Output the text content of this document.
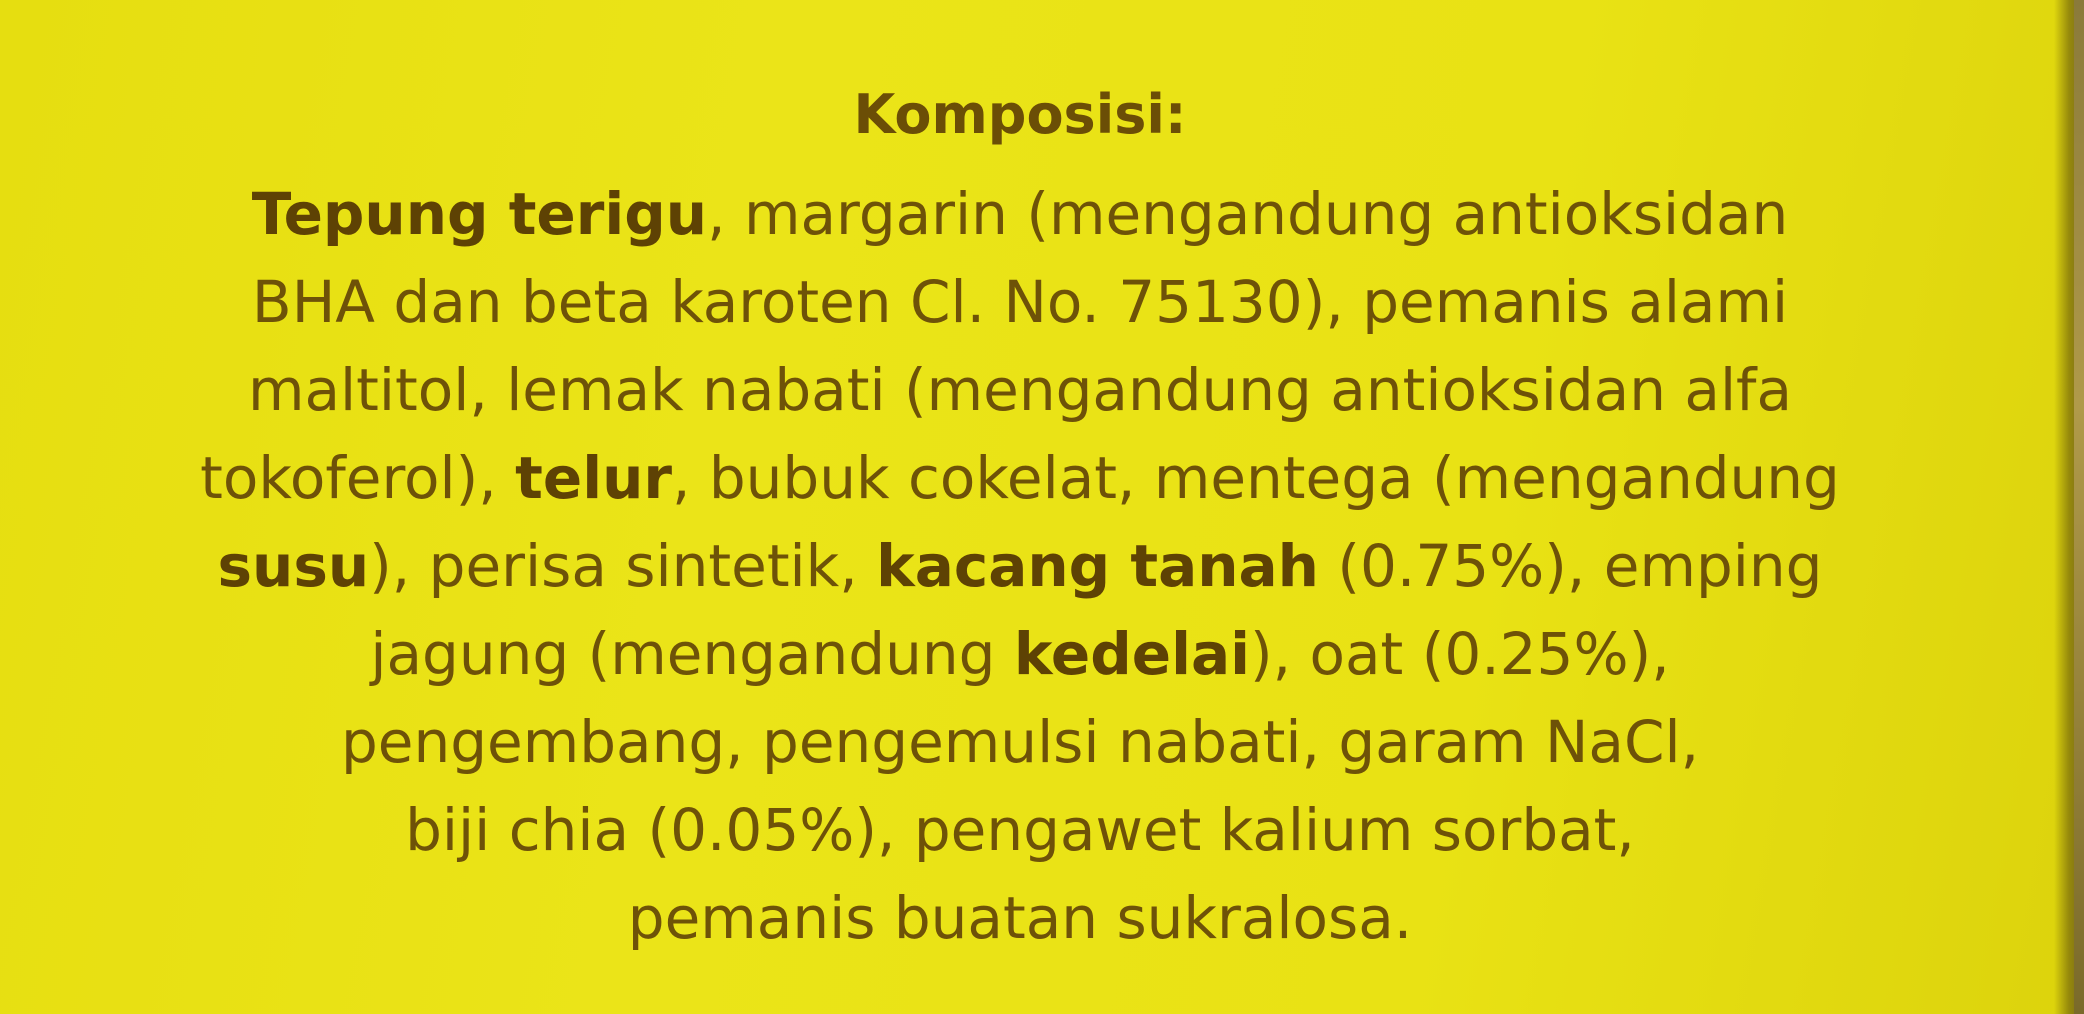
Komposisi:
Tepung terigu, margarin (mengandung antioksidan
BHA dan beta karoten Cl. No. 75130), pemanis alami
maltitol, lemak nabati (mengandung antioksidan alfa
tokoferol), telur, bubuk cokelat, mentega (mengandung
susu), perisa sintetik, kacang tanah (0.75%), emping
jagung (mengandung kedelai), oat (0.25%),
pengembang, pengemulsi nabati, garam NaCl,
biji chia (0.05%), pengawet kalium sorbat,
pemanis buatan sukralosa.
